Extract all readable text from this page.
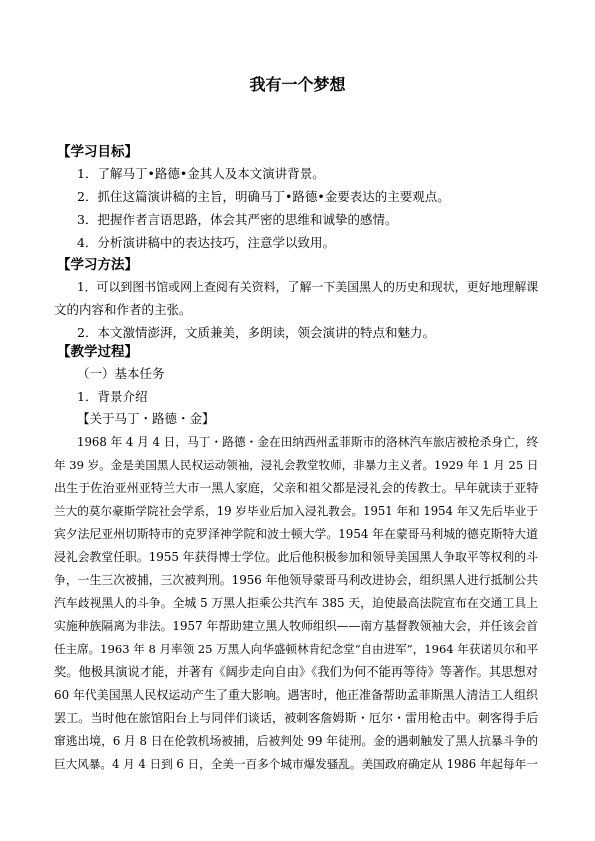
我有一个梦想
【学习目标】
1．了解马丁•路德•金其人及本文演讲背景。
2．抓住这篇演讲稿的主旨，明确马丁•路德•金要表达的主要观点。
3．把握作者言语思路，体会其严密的思维和诚挚的感情。
4．分析演讲稿中的表达技巧，注意学以致用。
【学习方法】
1．可以到图书馆或网上查阅有关资料，了解一下美国黑人的历史和现状，更好地理解课
文的内容和作者的主张。
2．本文激情澎湃，文质兼美，多朗读，领会演讲的特点和魅力。
【教学过程】
（一）基本任务
1．背景介绍
【关于马丁・路德・金】
1968 年 4 月 4 日，马丁・路德・金在田纳西州孟菲斯市的洛林汽车旅店被枪杀身亡，终
年 39 岁。金是美国黑人民权运动领袖，浸礼会教堂牧师，非暴力主义者。1929 年 1 月 25 日
出生于佐治亚州亚特兰大市一黑人家庭，父亲和祖父都是浸礼会的传教士。早年就读于亚特
兰大的莫尔豪斯学院社会学系，19 岁毕业后加入浸礼教会。1951 年和 1954 年又先后毕业于
宾夕法尼亚州切斯特市的克罗泽神学院和波士顿大学。1954 年在蒙哥马利城的德克斯特大道
浸礼会教堂任职。1955 年获得博士学位。此后他积极参加和领导美国黑人争取平等权利的斗
争，一生三次被捕，三次被判刑。1956 年他领导蒙哥马利改进协会，组织黑人进行抵制公共
汽车歧视黑人的斗争。全城 5 万黑人拒乘公共汽车 385 天，迫使最高法院宣布在交通工具上
实施种族隔离为非法。1957 年帮助建立黑人牧师组织——南方基督教领袖大会，并任该会首
任主席。1963 年 8 月率领 25 万黑人向华盛顿林肯纪念堂“自由进军”，1964 年获诺贝尔和平
奖。他极具演说才能，并著有《阔步走向自由》《我们为何不能再等待》等著作。其思想对
60 年代美国黑人民权运动产生了重大影响。遇害时，他正准备帮助孟菲斯黑人清洁工人组织
罢工。当时他在旅馆阳台上与同伴们谈话，被刺客詹姆斯・厄尔・雷用枪击中。刺客得手后
窜逃出境，6 月 8 日在伦敦机场被捕，后被判处 99 年徒刑。金的遇刺触发了黑人抗暴斗争的
巨大风暴。4 月 4 日到 6 日，全美一百多个城市爆发骚乱。美国政府确定从 1986 年起每年一
